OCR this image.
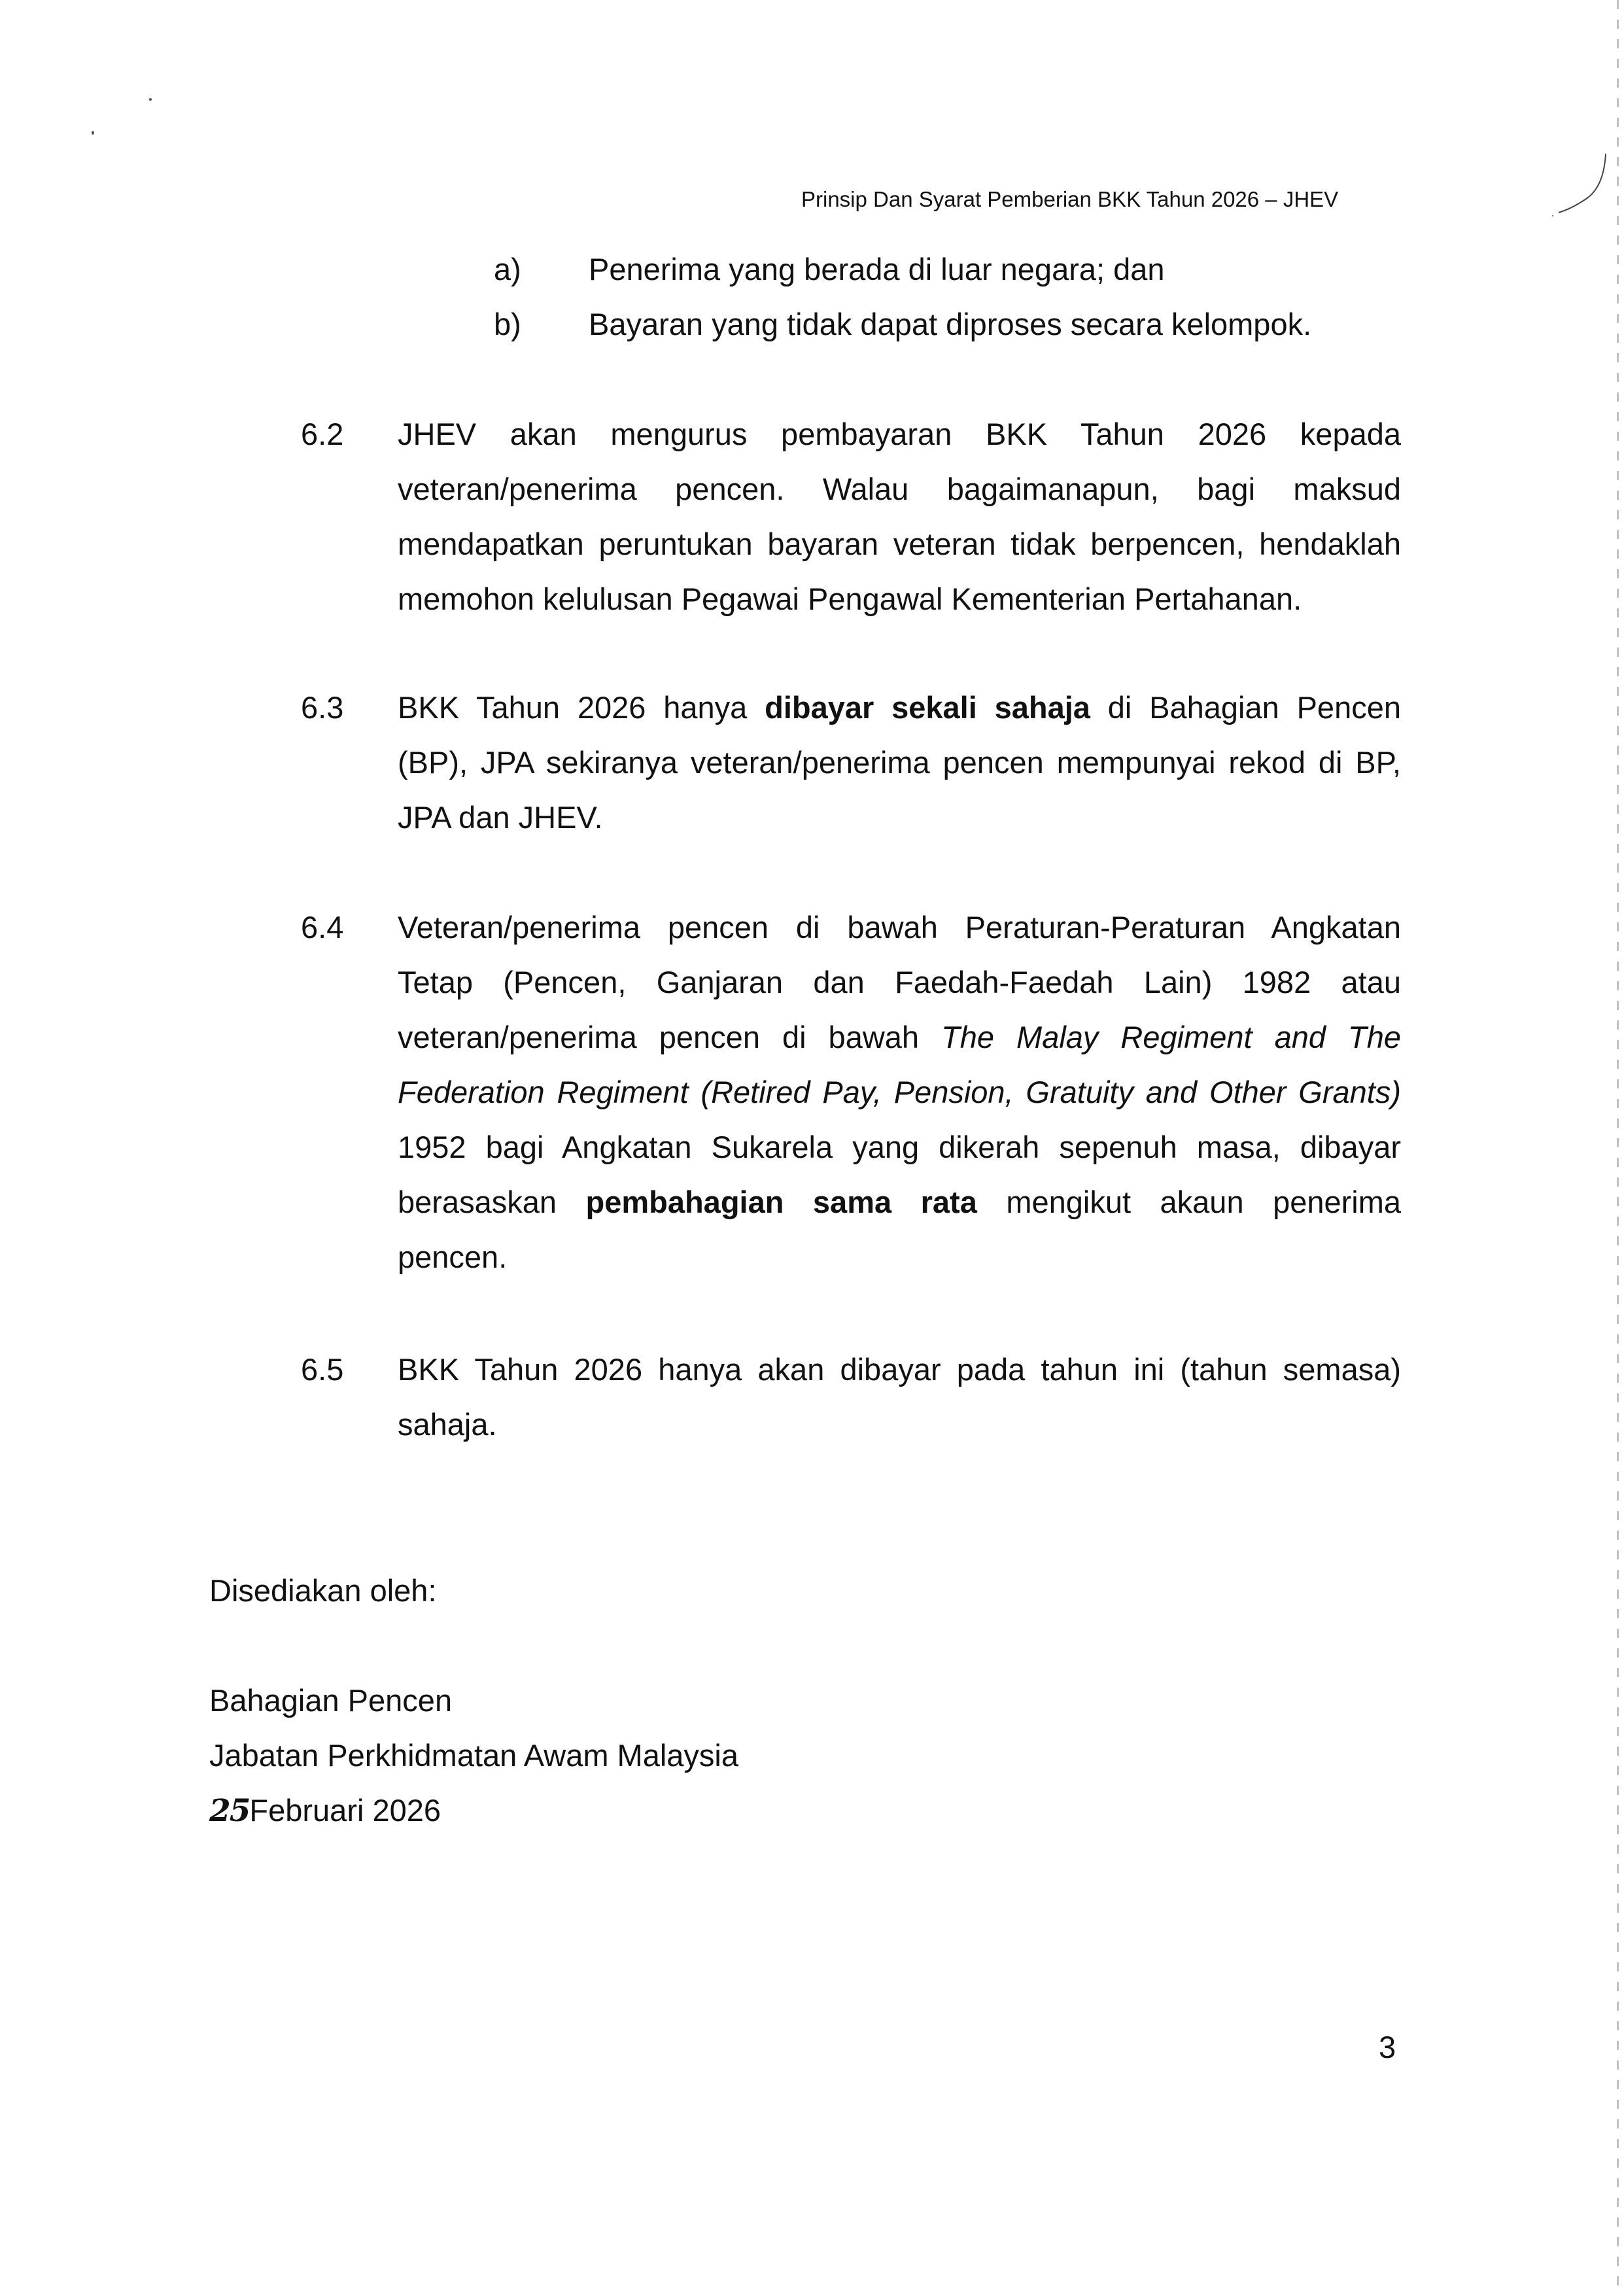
Prinsip Dan Syarat Pemberian BKK Tahun 2026 – JHEV
a) Penerima yang berada di luar negara; dan
b) Bayaran yang tidak dapat diproses secara kelompok.
6.2	JHEV akan mengurus pembayaran BKK Tahun 2026 kepada
veteran/penerima pencen. Walau bagaimanapun, bagi maksud
mendapatkan peruntukan bayaran veteran tidak berpencen, hendaklah
memohon kelulusan Pegawai Pengawal Kementerian Pertahanan.
6.3	BKK Tahun 2026 hanya dibayar sekali sahaja di Bahagian Pencen
(BP), JPA sekiranya veteran/penerima pencen mempunyai rekod di BP,
JPA dan JHEV.
6.4	Veteran/penerima pencen di bawah Peraturan-Peraturan Angkatan
Tetap (Pencen, Ganjaran dan Faedah-Faedah Lain) 1982 atau
veteran/penerima pencen di bawah The Malay Regiment and The
Federation Regiment (Retired Pay, Pension, Gratuity and Other Grants)
1952 bagi Angkatan Sukarela yang dikerah sepenuh masa, dibayar
berasaskan pembahagian sama rata mengikut akaun penerima
pencen.
6.5	BKK Tahun 2026 hanya akan dibayar pada tahun ini (tahun semasa)
sahaja.
Disediakan oleh:
Bahagian Pencen
Jabatan Perkhidmatan Awam Malaysia
25Februari 2026
3
